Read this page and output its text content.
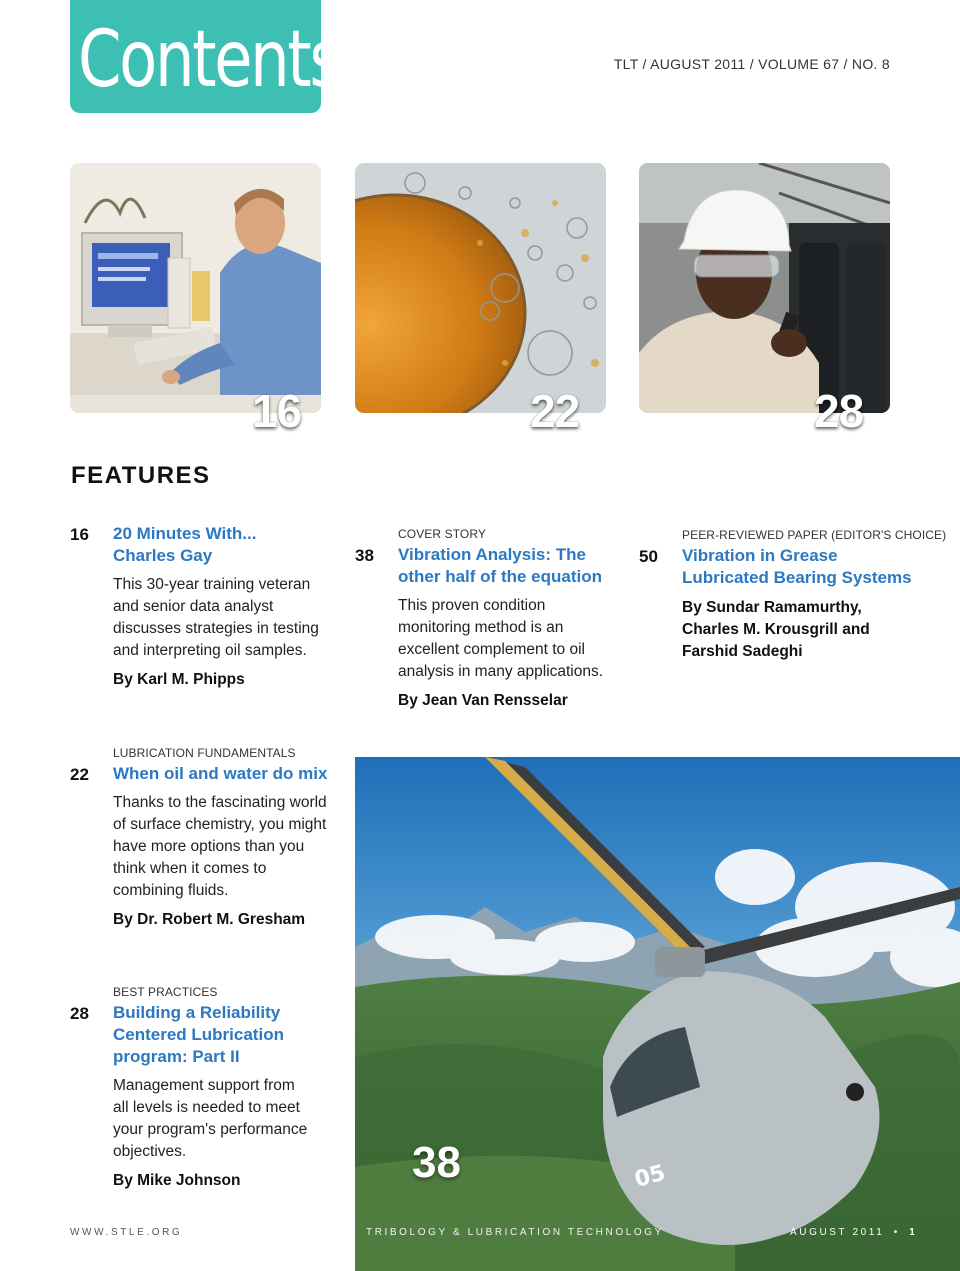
Contents	TLT / AUGUST 2011 / VOLUME 67 / NO. 8
16	22	28
FEATURES
16 20 Minutes With...
Charles Gay
This 30-year training veteran
and senior data analyst
discusses strategies in testing
and interpreting oil samples.
By Karl M. Phipps
COVER STORY
38 Vibration Analysis: The
other half of the equation
This proven condition
monitoring method is an
excellent complement to oil
analysis in many applications.
By Jean Van Rensselar
PEER-REVIEWED PAPER (EDITOR'S CHOICE)
50 Vibration in Grease
Lubricated Bearing Systems
By Sundar Ramamurthy,
Charles M. Krousgrill and
Farshid Sadeghi
LUBRICATION FUNDAMENTALS
22 When oil and water do mix
Thanks to the fascinating world
of surface chemistry, you might
have more options than you
think when it comes to
combining fluids.
By Dr. Robert M. Gresham
BEST PRACTICES
28 Building a Reliability
Centered Lubrication
program: Part II
Management support from
all levels is needed to meet
your program's performance
objectives.
By Mike Johnson	05
38
WWW.STLE.ORG	TRIBOLOGY & LUBRICATION TECHNOLOGY	AUGUST 2011 • 1
